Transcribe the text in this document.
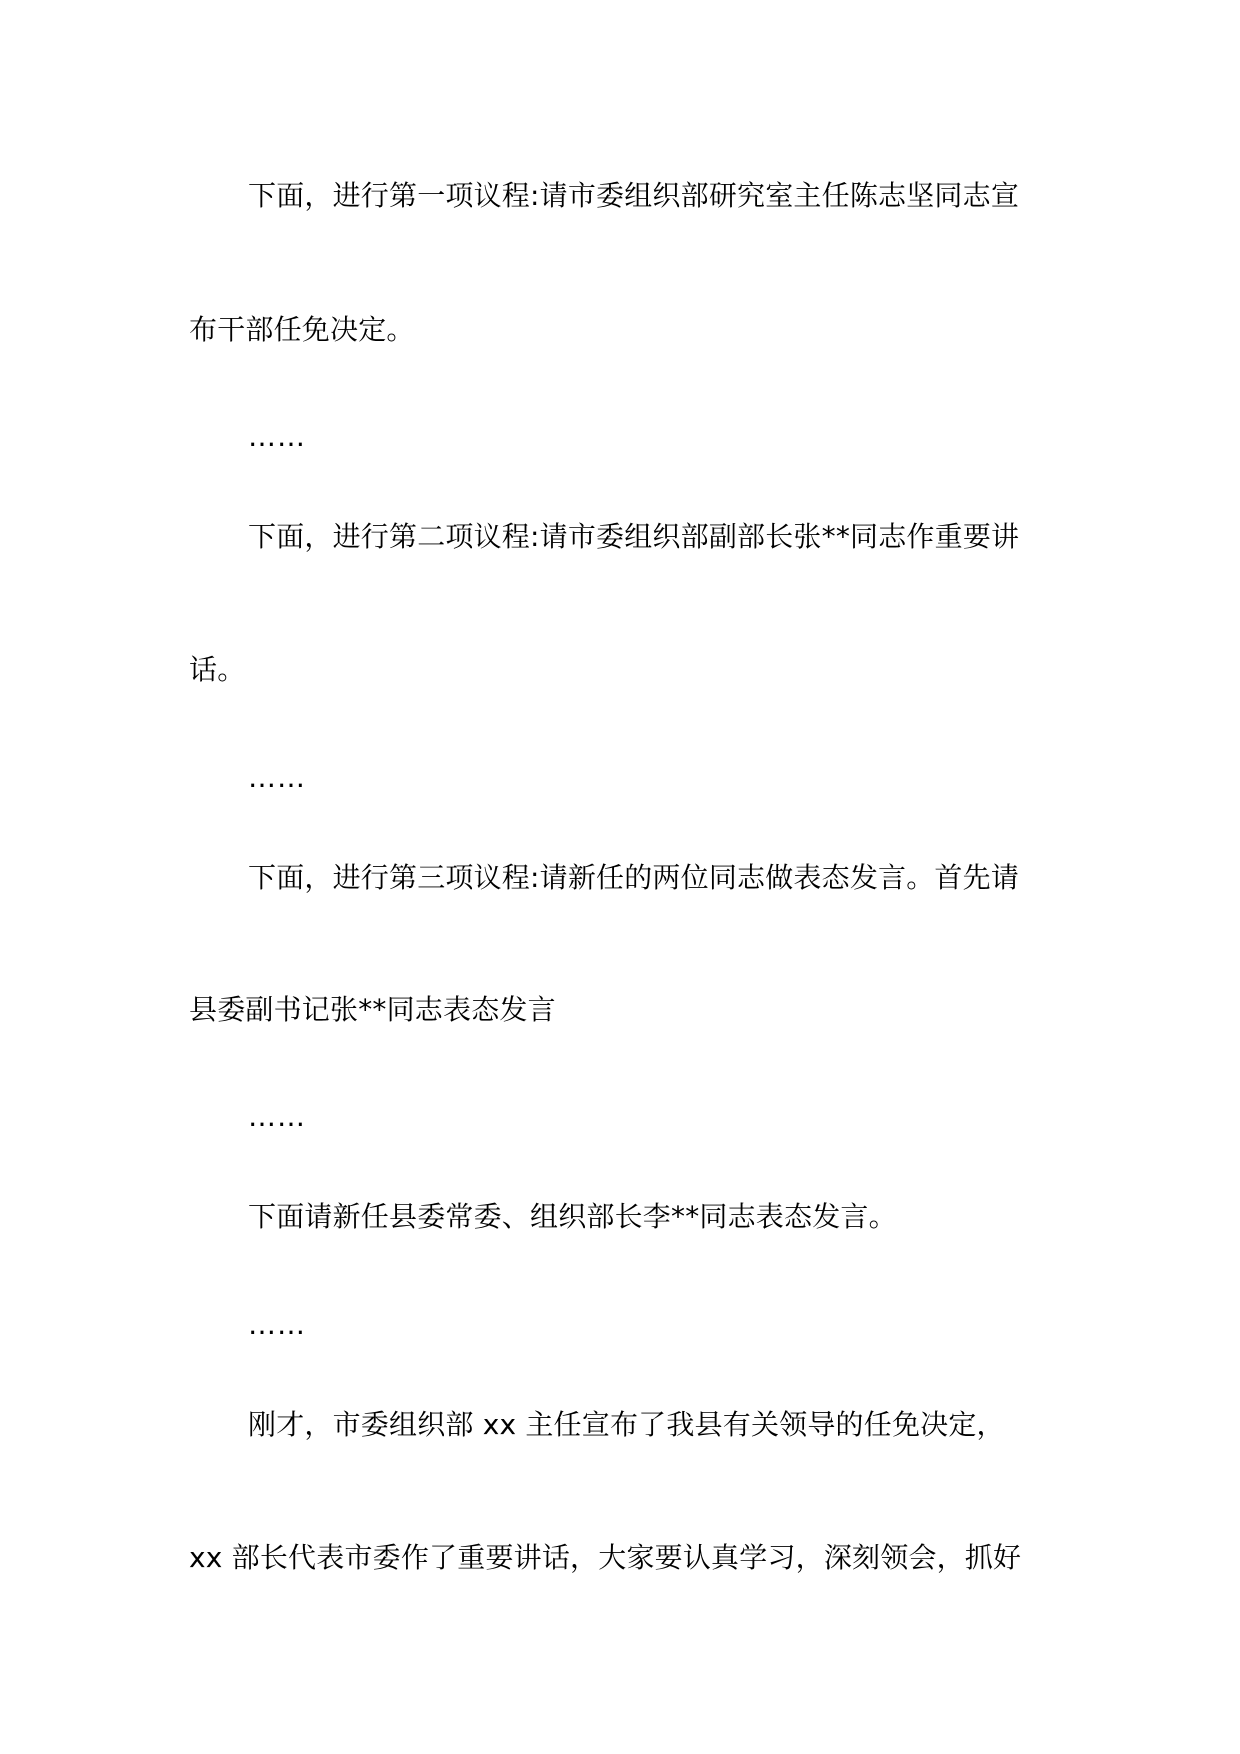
下面，进行第一项议程:请市委组织部研究室主任陈志坚同志宣
布干部任免决定。
……
下面，进行第二项议程:请市委组织部副部长张**同志作重要讲
话。
……
下面，进行第三项议程:请新任的两位同志做表态发言。首先请
县委副书记张**同志表态发言
……
下面请新任县委常委、组织部长李**同志表态发言。
……
刚才，市委组织部 xx 主任宣布了我县有关领导的任免决定，
xx 部长代表市委作了重要讲话，大家要认真学习，深刻领会，抓好
